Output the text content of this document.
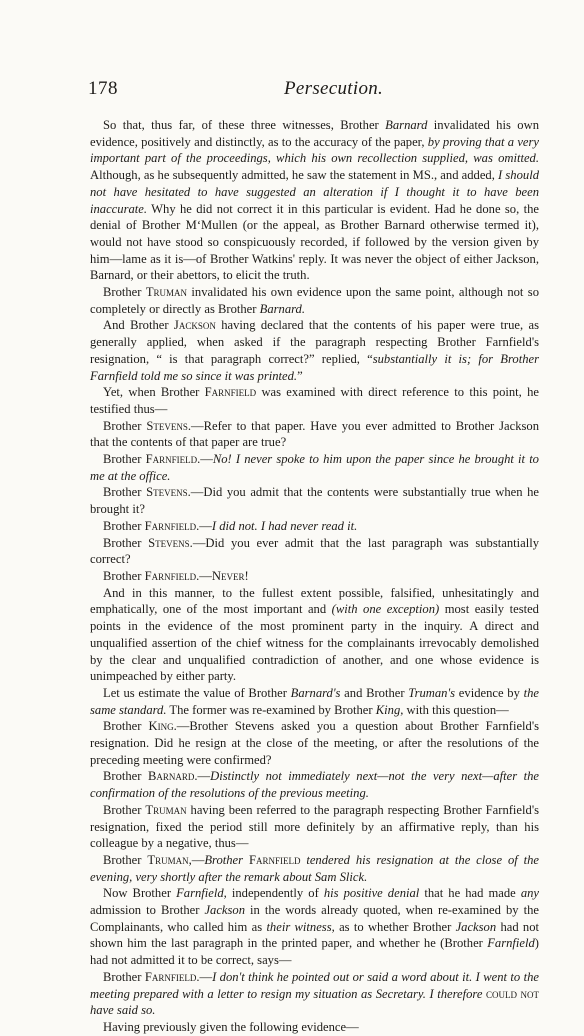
178	Persecution.

So that, thus far, of these three witnesses, Brother Barnard invalidated his own evidence, positively and distinctly, as to the accuracy of the paper, by proving that a very important part of the proceedings, which his own recollection supplied, was omitted. Although, as he subsequently admitted, he saw the statement in MS., and added, I should not have hesitated to have suggested an alteration if I thought it to have been inaccurate. Why he did not correct it in this particular is evident. Had he done so, the denial of Brother M‘Mullen (or the appeal, as Brother Barnard otherwise termed it), would not have stood so conspicuously recorded, if followed by the version given by him—lame as it is—of Brother Watkins' reply. It was never the object of either Jackson, Barnard, or their abettors, to elicit the truth.

Brother Truman invalidated his own evidence upon the same point, although not so completely or directly as Brother Barnard.

And Brother Jackson having declared that the contents of his paper were true, as generally applied, when asked if the paragraph respecting Brother Farnfield's resignation, “ is that paragraph correct?” replied, “substantially it is; for Brother Farnfield told me so since it was printed.”

Yet, when Brother Farnfield was examined with direct reference to this point, he testified thus—

Brother Stevens.—Refer to that paper. Have you ever admitted to Brother Jackson that the contents of that paper are true?

Brother Farnfield.—No! I never spoke to him upon the paper since he brought it to me at the office.

Brother Stevens.—Did you admit that the contents were substantially true when he brought it?

Brother Farnfield.—I did not. I had never read it.

Brother Stevens.—Did you ever admit that the last paragraph was substantially correct?

Brother Farnfield.—Never!

And in this manner, to the fullest extent possible, falsified, unhesitatingly and emphatically, one of the most important and (with one exception) most easily tested points in the evidence of the most prominent party in the inquiry. A direct and unqualified assertion of the chief witness for the complainants irrevocably demolished by the clear and unqualified contradiction of another, and one whose evidence is unimpeached by either party.

Let us estimate the value of Brother Barnard's and Brother Truman's evidence by the same standard. The former was re-examined by Brother King, with this question—

Brother King.—Brother Stevens asked you a question about Brother Farnfield's resignation. Did he resign at the close of the meeting, or after the resolutions of the preceding meeting were confirmed?

Brother Barnard.—Distinctly not immediately next—not the very next—after the confirmation of the resolutions of the previous meeting.

Brother Truman having been referred to the paragraph respecting Brother Farnfield's resignation, fixed the period still more definitely by an affirmative reply, than his colleague by a negative, thus—

Brother Truman,—Brother Farnfield tendered his resignation at the close of the evening, very shortly after the remark about Sam Slick.

Now Brother Farnfield, independently of his positive denial that he had made any admission to Brother Jackson in the words already quoted, when re-examined by the Complainants, who called him as their witness, as to whether Brother Jackson had not shown him the last paragraph in the printed paper, and whether he (Brother Farnfield) had not admitted it to be correct, says—

Brother Farnfield.—I don't think he pointed out or said a word about it. I went to the meeting prepared with a letter to resign my situation as Secretary. I therefore could not have said so.

Having previously given the following evidence—
